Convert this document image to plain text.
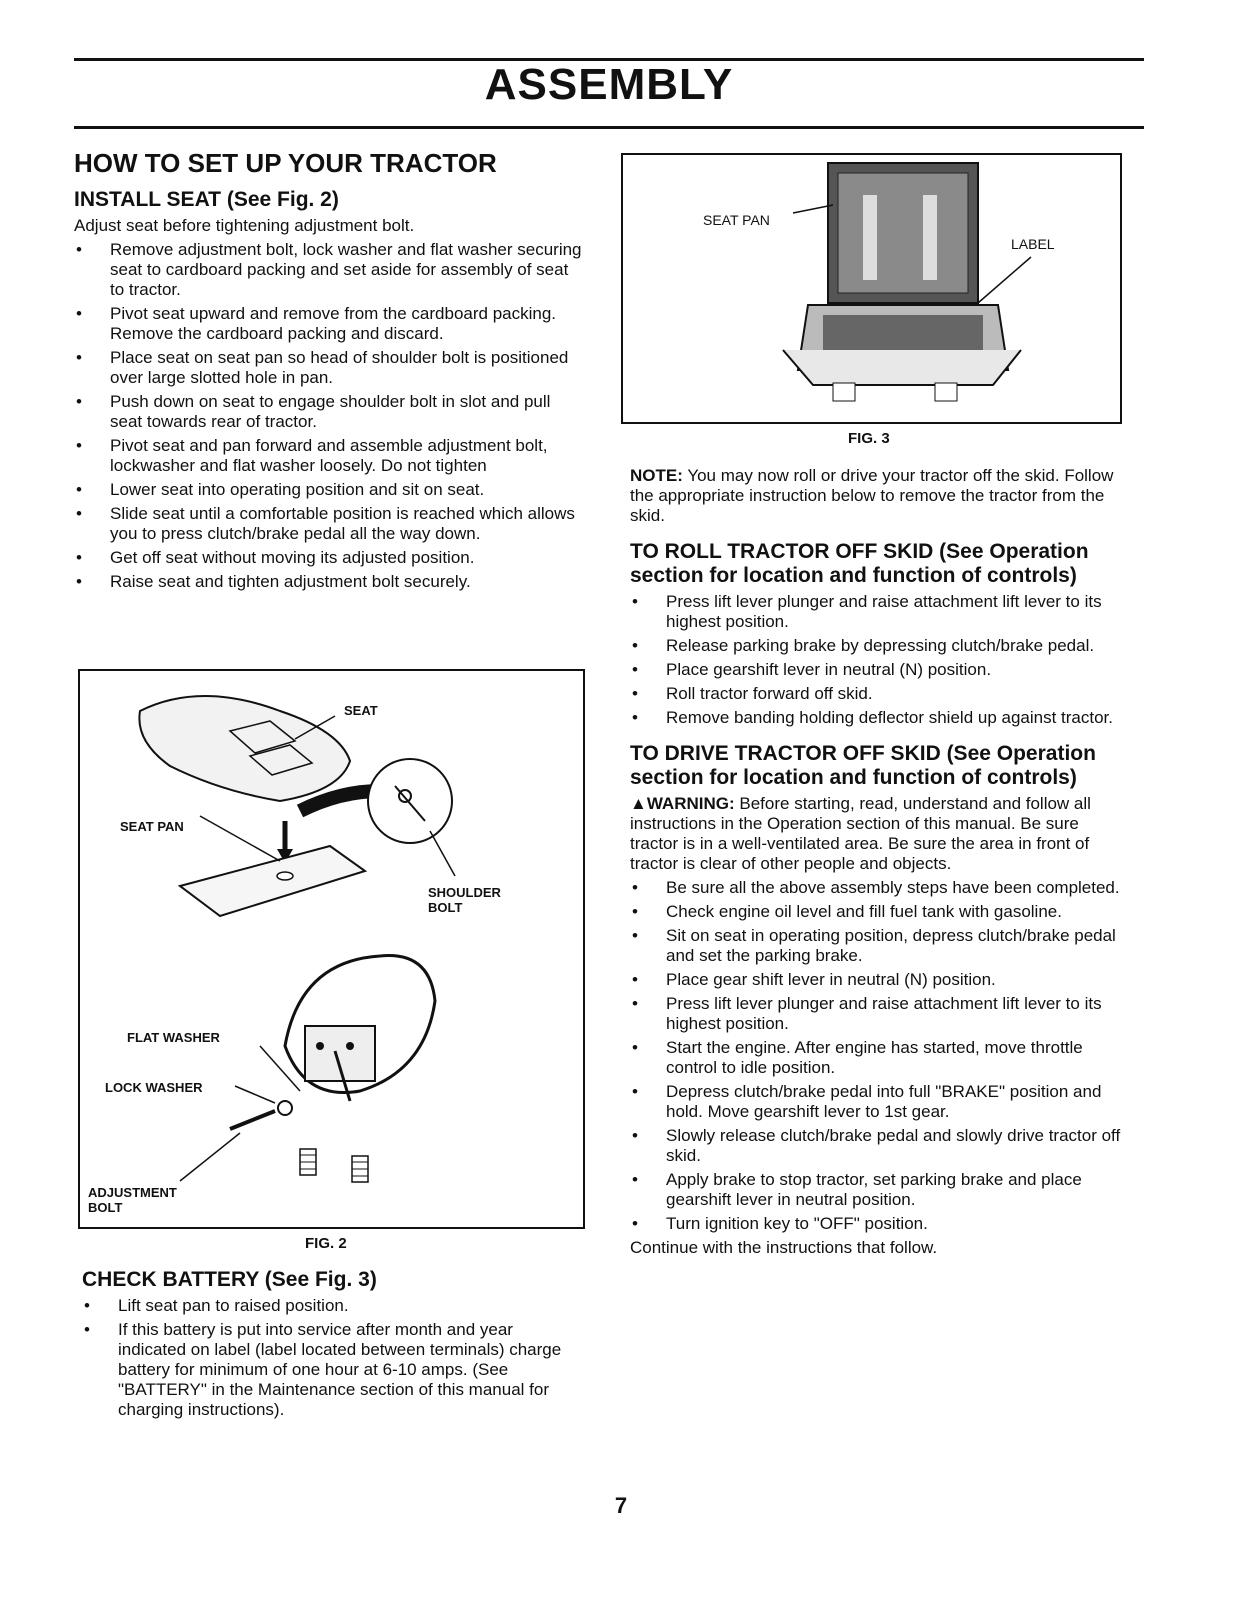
ASSEMBLY
HOW TO SET UP YOUR TRACTOR
INSTALL SEAT (See Fig. 2)

Adjust seat before tightening adjustment bolt.

• Remove adjustment bolt, lock washer and flat washer securing seat to cardboard packing and set aside for assembly of seat to tractor.
• Pivot seat upward and remove from the cardboard packing. Remove the cardboard packing and discard.
• Place seat on seat pan so head of shoulder bolt is positioned over large slotted hole in pan.
• Push down on seat to engage shoulder bolt in slot and pull seat towards rear of tractor.
• Pivot seat and pan forward and assemble adjustment bolt, lockwasher and flat washer loosely. Do not tighten
• Lower seat into operating position and sit on seat.
• Slide seat until a comfortable position is reached which allows you to press clutch/brake pedal all the way down.
• Get off seat without moving its adjusted position.
• Raise seat and tighten adjustment bolt securely.
SEAT
SEAT PAN
SHOULDER BOLT
FLAT WASHER
LOCK WASHER
ADJUSTMENT BOLT
FIG. 2
CHECK BATTERY (See Fig. 3)
• Lift seat pan to raised position.
• If this battery is put into service after month and year indicated on label (label located between terminals) charge battery for minimum of one hour at 6-10 amps. (See "BATTERY" in the Maintenance section of this manual for charging instructions).
SEAT PAN
LABEL
FIG. 3

NOTE: You may now roll or drive your tractor off the skid. Follow the appropriate instruction below to remove the tractor from the skid.

TO ROLL TRACTOR OFF SKID (See Operation section for location and function of controls)
• Press lift lever plunger and raise attachment lift lever to its highest position.
• Release parking brake by depressing clutch/brake pedal.
• Place gearshift lever in neutral (N) position.
• Roll tractor forward off skid.
• Remove banding holding deflector shield up against tractor.
TO DRIVE TRACTOR OFF SKID (See Operation section for location and function of controls)

▲WARNING: Before starting, read, understand and follow all instructions in the Operation section of this manual. Be sure tractor is in a well-ventilated area. Be sure the area in front of tractor is clear of other people and objects.

• Be sure all the above assembly steps have been completed.
• Check engine oil level and fill fuel tank with gasoline.
• Sit on seat in operating position, depress clutch/brake pedal and set the parking brake.
• Place gear shift lever in neutral (N) position.
• Press lift lever plunger and raise attachment lift lever to its highest position.
• Start the engine. After engine has started, move throttle control to idle position.
• Depress clutch/brake pedal into full "BRAKE" position and hold. Move gearshift lever to 1st gear.
• Slowly release clutch/brake pedal and slowly drive tractor off skid.
• Apply brake to stop tractor, set parking brake and place gearshift lever in neutral position.
• Turn ignition key to "OFF" position.

Continue with the instructions that follow.

7
